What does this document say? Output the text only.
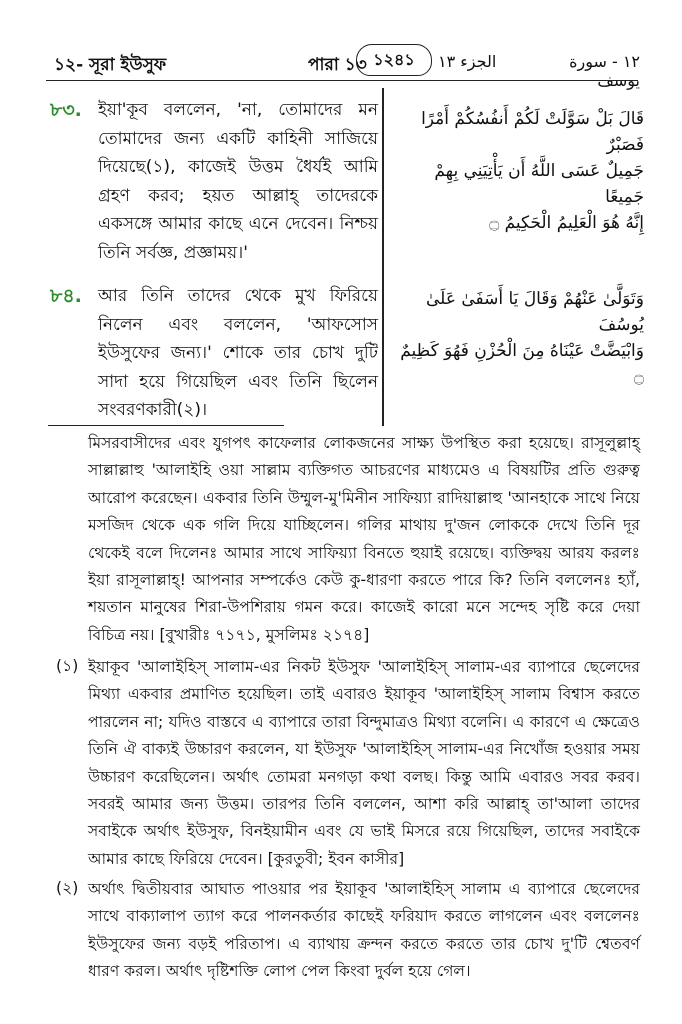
১২- সূরা ইউসুফ	পারা ১৩ ১২৪১	الجزء ١٣	١٢ - سورة يوسف
৮৩. ইয়া'কূব বললেন, 'না, তোমাদের মন তোমাদের জন্য একটি কাহিনী সাজিয়ে দিয়েছে(১), কাজেই উত্তম ধৈর্যই আমি গ্রহণ করব; হয়ত আল্লাহ্‌ তাদেরকে একসঙ্গে আমার কাছে এনে দেবেন। নিশ্চয় তিনি সর্বজ্ঞ, প্রজ্ঞাময়।'
قَالَ بَلْ سَوَّلَتْ لَكُمْ أَنفُسُكُمْ أَمْرًا فَصَبْرٌ
جَمِيلٌ عَسَى اللَّهُ أَن يَأْتِيَنِي بِهِمْ جَمِيعًا
إِنَّهُ هُوَ الْعَلِيمُ الْحَكِيمُ ۝
৮৪. আর তিনি তাদের থেকে মুখ ফিরিয়ে নিলেন এবং বললেন, 'আফসোস ইউসুফের জন্য।' শোকে তার চোখ দুটি সাদা হয়ে গিয়েছিল এবং তিনি ছিলেন সংবরণকারী(২)।
وَتَوَلَّىٰ عَنْهُمْ وَقَالَ يَا أَسَفَىٰ عَلَىٰ يُوسُفَ
وَابْيَضَّتْ عَيْنَاهُ مِنَ الْحُزْنِ فَهُوَ كَظِيمٌ ۝
মিসরবাসীদের এবং যুগপৎ কাফেলার লোকজনের সাক্ষ্য উপস্থিত করা হয়েছে। রাসূলুল্লাহ্‌ সাল্লাল্লাহু 'আলাইহি ওয়া সাল্লাম ব্যক্তিগত আচরণের মাধ্যমেও এ বিষয়টির প্রতি গুরুত্ব আরোপ করেছেন। একবার তিনি উম্মুল-মু'মিনীন সাফিয়্যা রাদিয়াল্লাহু 'আনহাকে সাথে নিয়ে মসজিদ থেকে এক গলি দিয়ে যাচ্ছিলেন। গলির মাথায় দু'জন লোককে দেখে তিনি দূর থেকেই বলে দিলেনঃ আমার সাথে সাফিয়্যা বিনতে হুয়াই রয়েছে। ব্যক্তিদ্বয় আরয করলঃ ইয়া রাসূলাল্লাহ্‌! আপনার সম্পর্কেও কেউ কু-ধারণা করতে পারে কি? তিনি বললেনঃ হ্যাঁ, শয়তান মানুষের শিরা-উপশিরায় গমন করে। কাজেই কারো মনে সন্দেহ সৃষ্টি করে দেয়া বিচিত্র নয়। [বুখারীঃ ৭১৭১, মুসলিমঃ ২১৭৪]
(১) ইয়াকূব 'আলাইহিস্‌ সালাম-এর নিকট ইউসুফ 'আলাইহিস্‌ সালাম-এর ব্যাপারে ছেলেদের মিথ্যা একবার প্রমাণিত হয়েছিল। তাই এবারও ইয়াকূব 'আলাইহিস্‌ সালাম বিশ্বাস করতে পারলেন না; যদিও বাস্তবে এ ব্যাপারে তারা বিন্দুমাত্রও মিথ্যা বলেনি। এ কারণে এ ক্ষেত্রেও তিনি ঐ বাক্যই উচ্চারণ করলেন, যা ইউসুফ 'আলাইহিস্‌ সালাম-এর নিখোঁজ হওয়ার সময় উচ্চারণ করেছিলেন। অর্থাৎ তোমরা মনগড়া কথা বলছ। কিন্তু আমি এবারও সবর করব। সবরই আমার জন্য উত্তম। তারপর তিনি বললেন, আশা করি আল্লাহ্‌ তা'আলা তাদের সবাইকে অর্থাৎ ইউসুফ, বিনইয়ামীন এবং যে ভাই মিসরে রয়ে গিয়েছিল, তাদের সবাইকে আমার কাছে ফিরিয়ে দেবেন। [কুরতুবী; ইবন কাসীর]
(২) অর্থাৎ দ্বিতীয়বার আঘাত পাওয়ার পর ইয়াকূব 'আলাইহিস্‌ সালাম এ ব্যাপারে ছেলেদের সাথে বাক্যালাপ ত্যাগ করে পালনকর্তার কাছেই ফরিয়াদ করতে লাগলেন এবং বললেনঃ ইউসুফের জন্য বড়ই পরিতাপ। এ ব্যাথায় ক্রন্দন করতে করতে তার চোখ দু'টি শ্বেতবর্ণ ধারণ করল। অর্থাৎ দৃষ্টিশক্তি লোপ পেল কিংবা দুর্বল হয়ে গেল।
